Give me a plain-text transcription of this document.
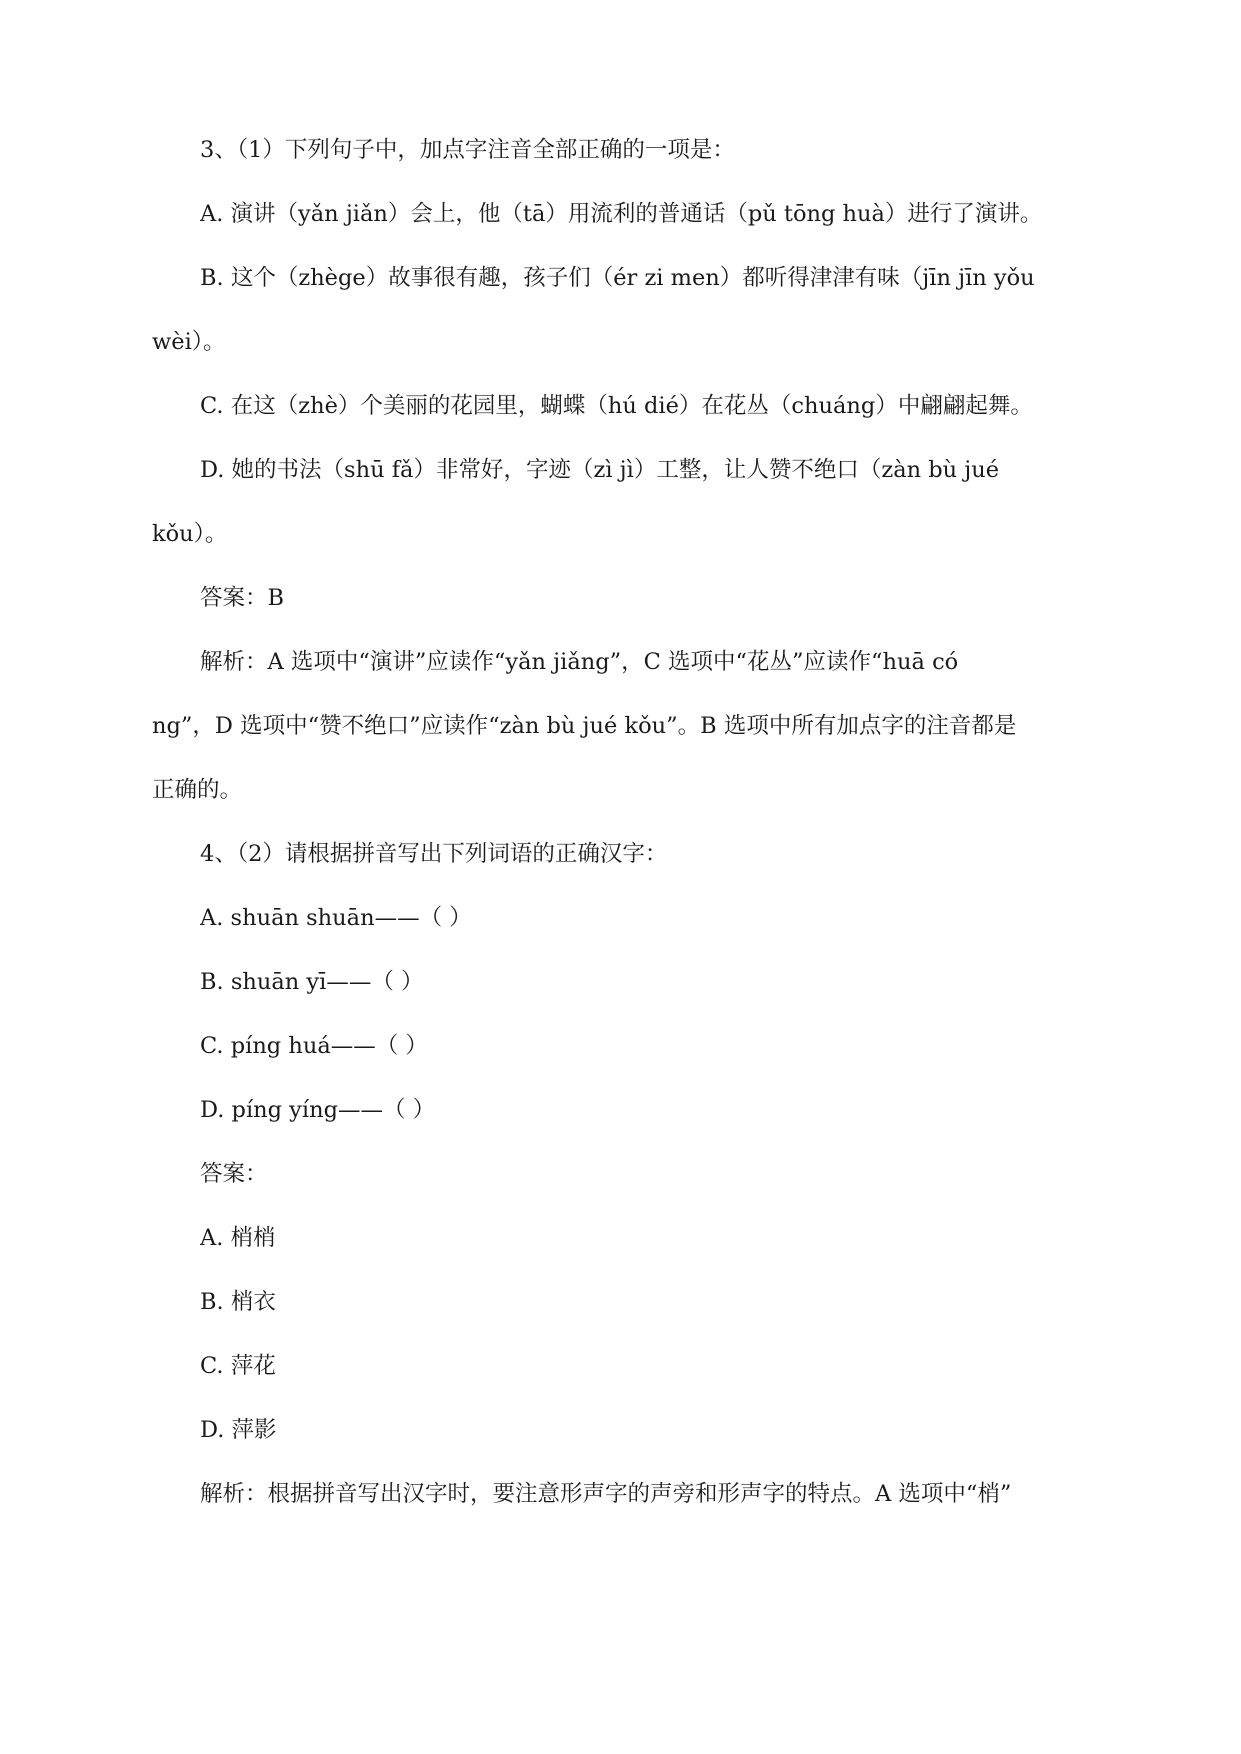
3、（1）下列句子中，加点字注音全部正确的一项是：
A. 演讲（yǎn jiǎn）会上，他（tā）用流利的普通话（pǔ tōng huà）进行了演讲。
B. 这个（zhège）故事很有趣，孩子们（ér zi men）都听得津津有味（jīn jīn yǒu
wèi）。
C. 在这（zhè）个美丽的花园里，蝴蝶（hú dié）在花丛（chuáng）中翩翩起舞。
D. 她的书法（shū fǎ）非常好，字迹（zì jì）工整，让人赞不绝口（zàn bù jué
kǒu）。
答案：B
解析：A 选项中“演讲”应读作“yǎn jiǎng”，C 选项中“花丛”应读作“huā có
ng”，D 选项中“赞不绝口”应读作“zàn bù jué kǒu”。B 选项中所有加点字的注音都是
正确的。
4、（2）请根据拼音写出下列词语的正确汉字：
A. shuān shuān——（ ）
B. shuān yī——（ ）
C. píng huá——（ ）
D. píng yíng——（ ）
答案：
A. 梢梢
B. 梢衣
C. 萍花
D. 萍影
解析：根据拼音写出汉字时，要注意形声字的声旁和形声字的特点。A 选项中“梢”
